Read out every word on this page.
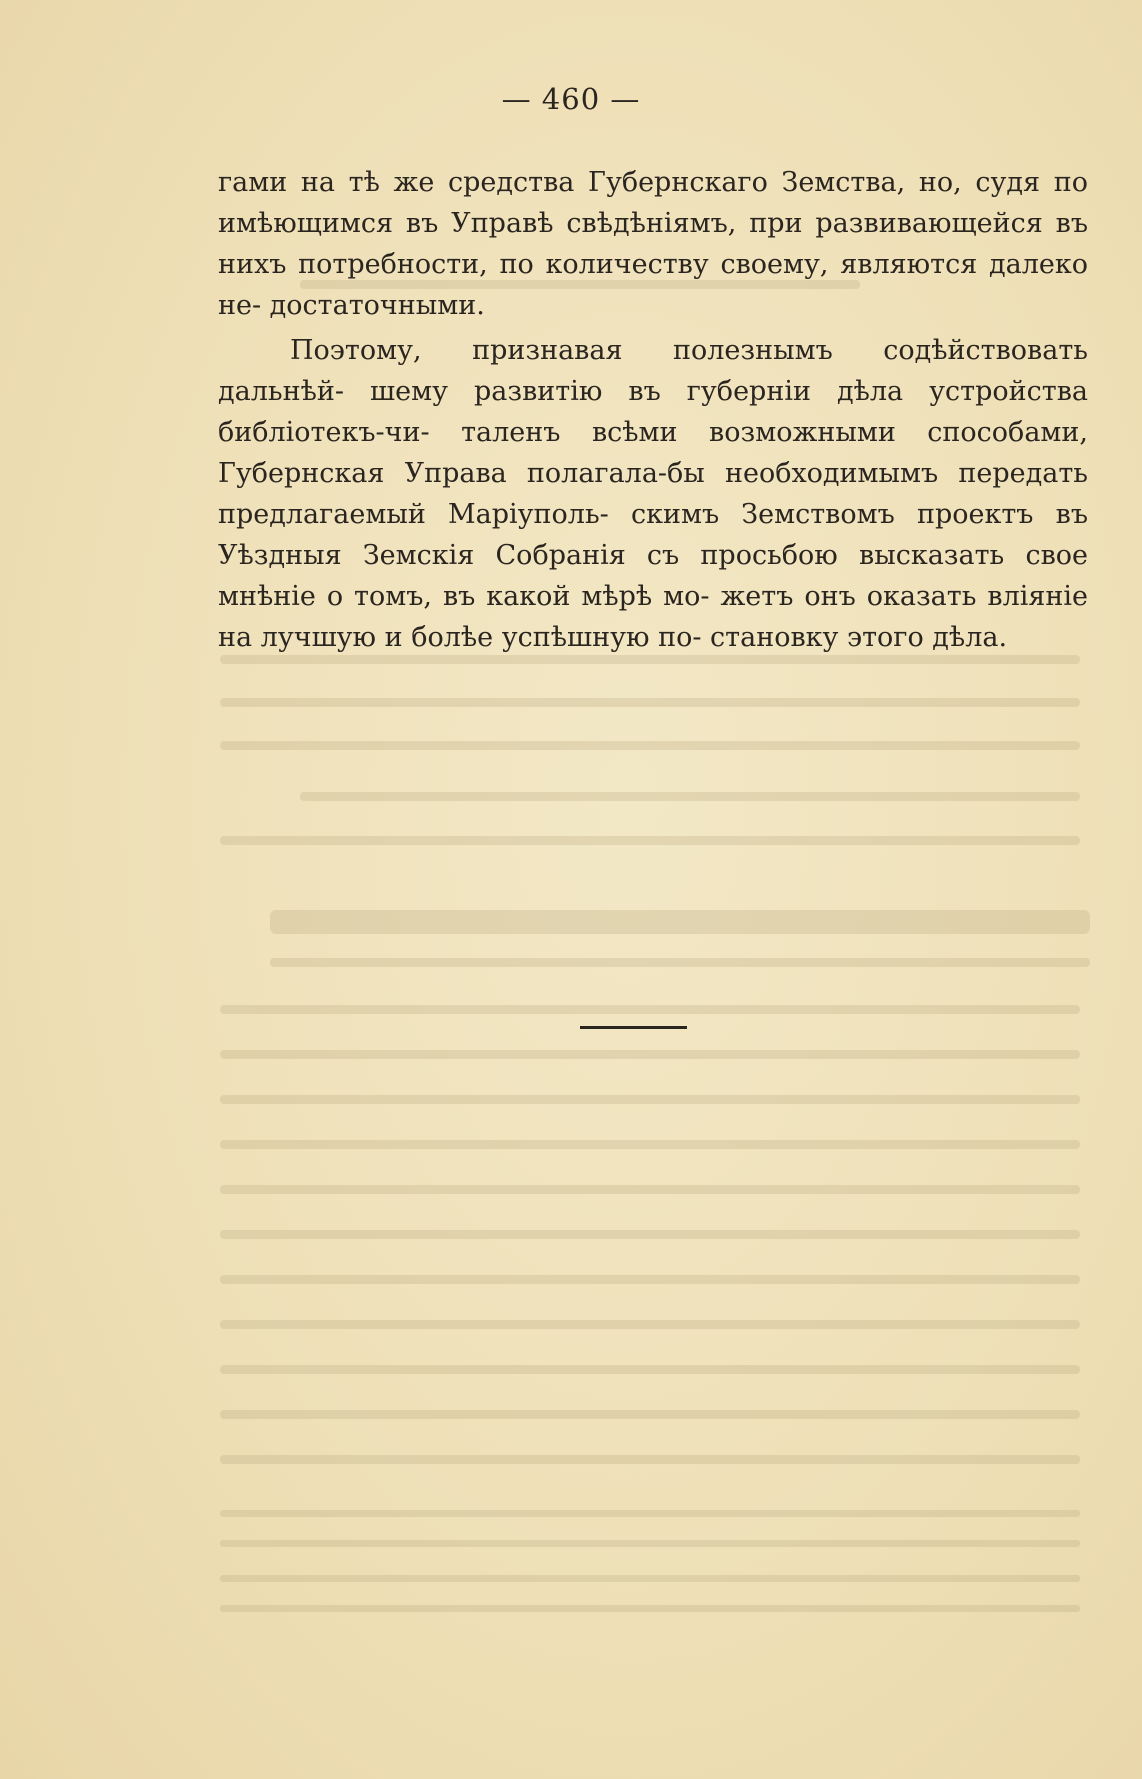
— 460 —

гами на тѣ же средства Губернскаго Земства, но, судя по имѣющимся въ Управѣ свѣдѣніямъ, при развивающейся въ нихъ потребности, по количеству своему, являются далеко не- достаточными.

Поэтому, признавая полезнымъ содѣйствовать дальнѣй- шему развитію въ губерніи дѣла устройства библіотекъ-чи- таленъ всѣми возможными способами, Губернская Управа полагала-бы необходимымъ передать предлагаемый Маріуполь- скимъ Земствомъ проектъ въ Уѣздныя Земскія Собранія съ просьбою высказать свое мнѣніе о томъ, въ какой мѣрѣ мо- жетъ онъ оказать вліяніе на лучшую и болѣе успѣшную по- становку этого дѣла.
